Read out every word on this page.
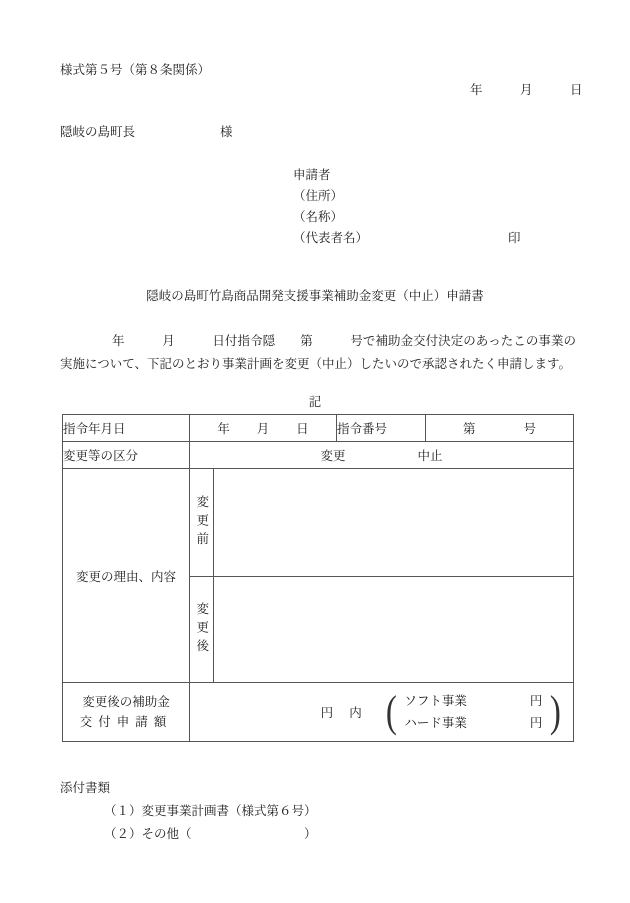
様式第５号（第８条関係）
年　　　月　　　日
隠岐の島町長	様
申請者
（住所）
（名称）
（代表者名）	印
隠岐の島町竹島商品開発支援事業補助金変更（中止）申請書
年　　　月　　　日付指令隠　　第　　　号で補助金交付決定のあったこの事業の実施について、下記のとおり事業計画を変更（中止）したいので承認されたく申請します。
記
指令年月日	年 月 日		指令番号	第 号

変更等の区分	変更 中止			

変更の理由、内容	変更前			

	変更後			

変更後の補助金
交付申請額	
円内 ( ソフト事業	円
ハード事業	円 )
添付書類
（１）変更事業計画書（様式第６号）
（２）その他（　　　　　　　　　）
